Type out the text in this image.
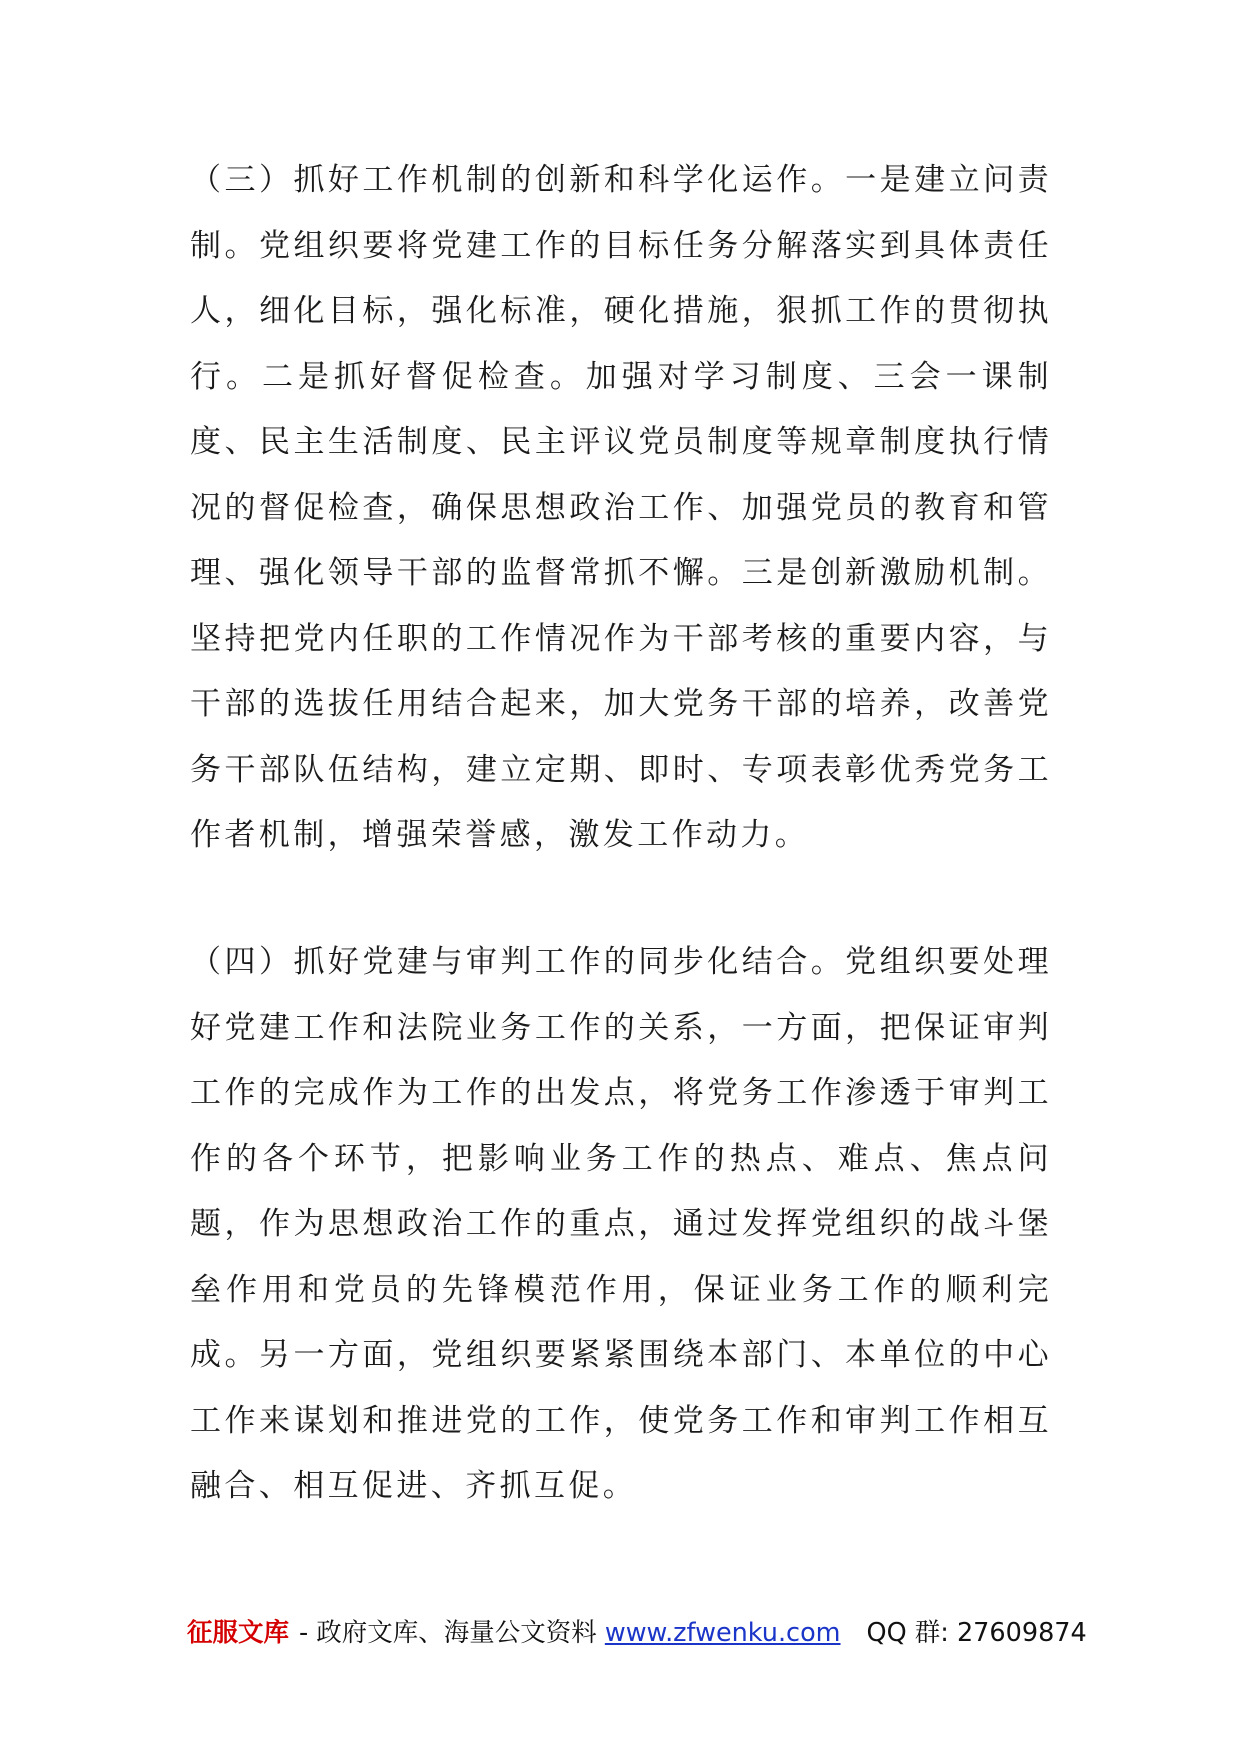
（三）抓好工作机制的创新和科学化运作。一是建立问责制。党组织要将党建工作的目标任务分解落实到具体责任人，细化目标，强化标准，硬化措施，狠抓工作的贯彻执行。二是抓好督促检查。加强对学习制度、三会一课制度、民主生活制度、民主评议党员制度等规章制度执行情况的督促检查，确保思想政治工作、加强党员的教育和管理、强化领导干部的监督常抓不懈。三是创新激励机制。坚持把党内任职的工作情况作为干部考核的重要内容，与干部的选拔任用结合起来，加大党务干部的培养，改善党务干部队伍结构，建立定期、即时、专项表彰优秀党务工作者机制，增强荣誉感，激发工作动力。

（四）抓好党建与审判工作的同步化结合。党组织要处理好党建工作和法院业务工作的关系，一方面，把保证审判工作的完成作为工作的出发点，将党务工作渗透于审判工作的各个环节，把影响业务工作的热点、难点、焦点问题，作为思想政治工作的重点，通过发挥党组织的战斗堡垒作用和党员的先锋模范作用，保证业务工作的顺利完成。另一方面，党组织要紧紧围绕本部门、本单位的中心工作来谋划和推进党的工作，使党务工作和审判工作相互融合、相互促进、齐抓互促。

征服文库 - 政府文库、海量公文资料 www.zfwenku.com QQ 群: 27609874
